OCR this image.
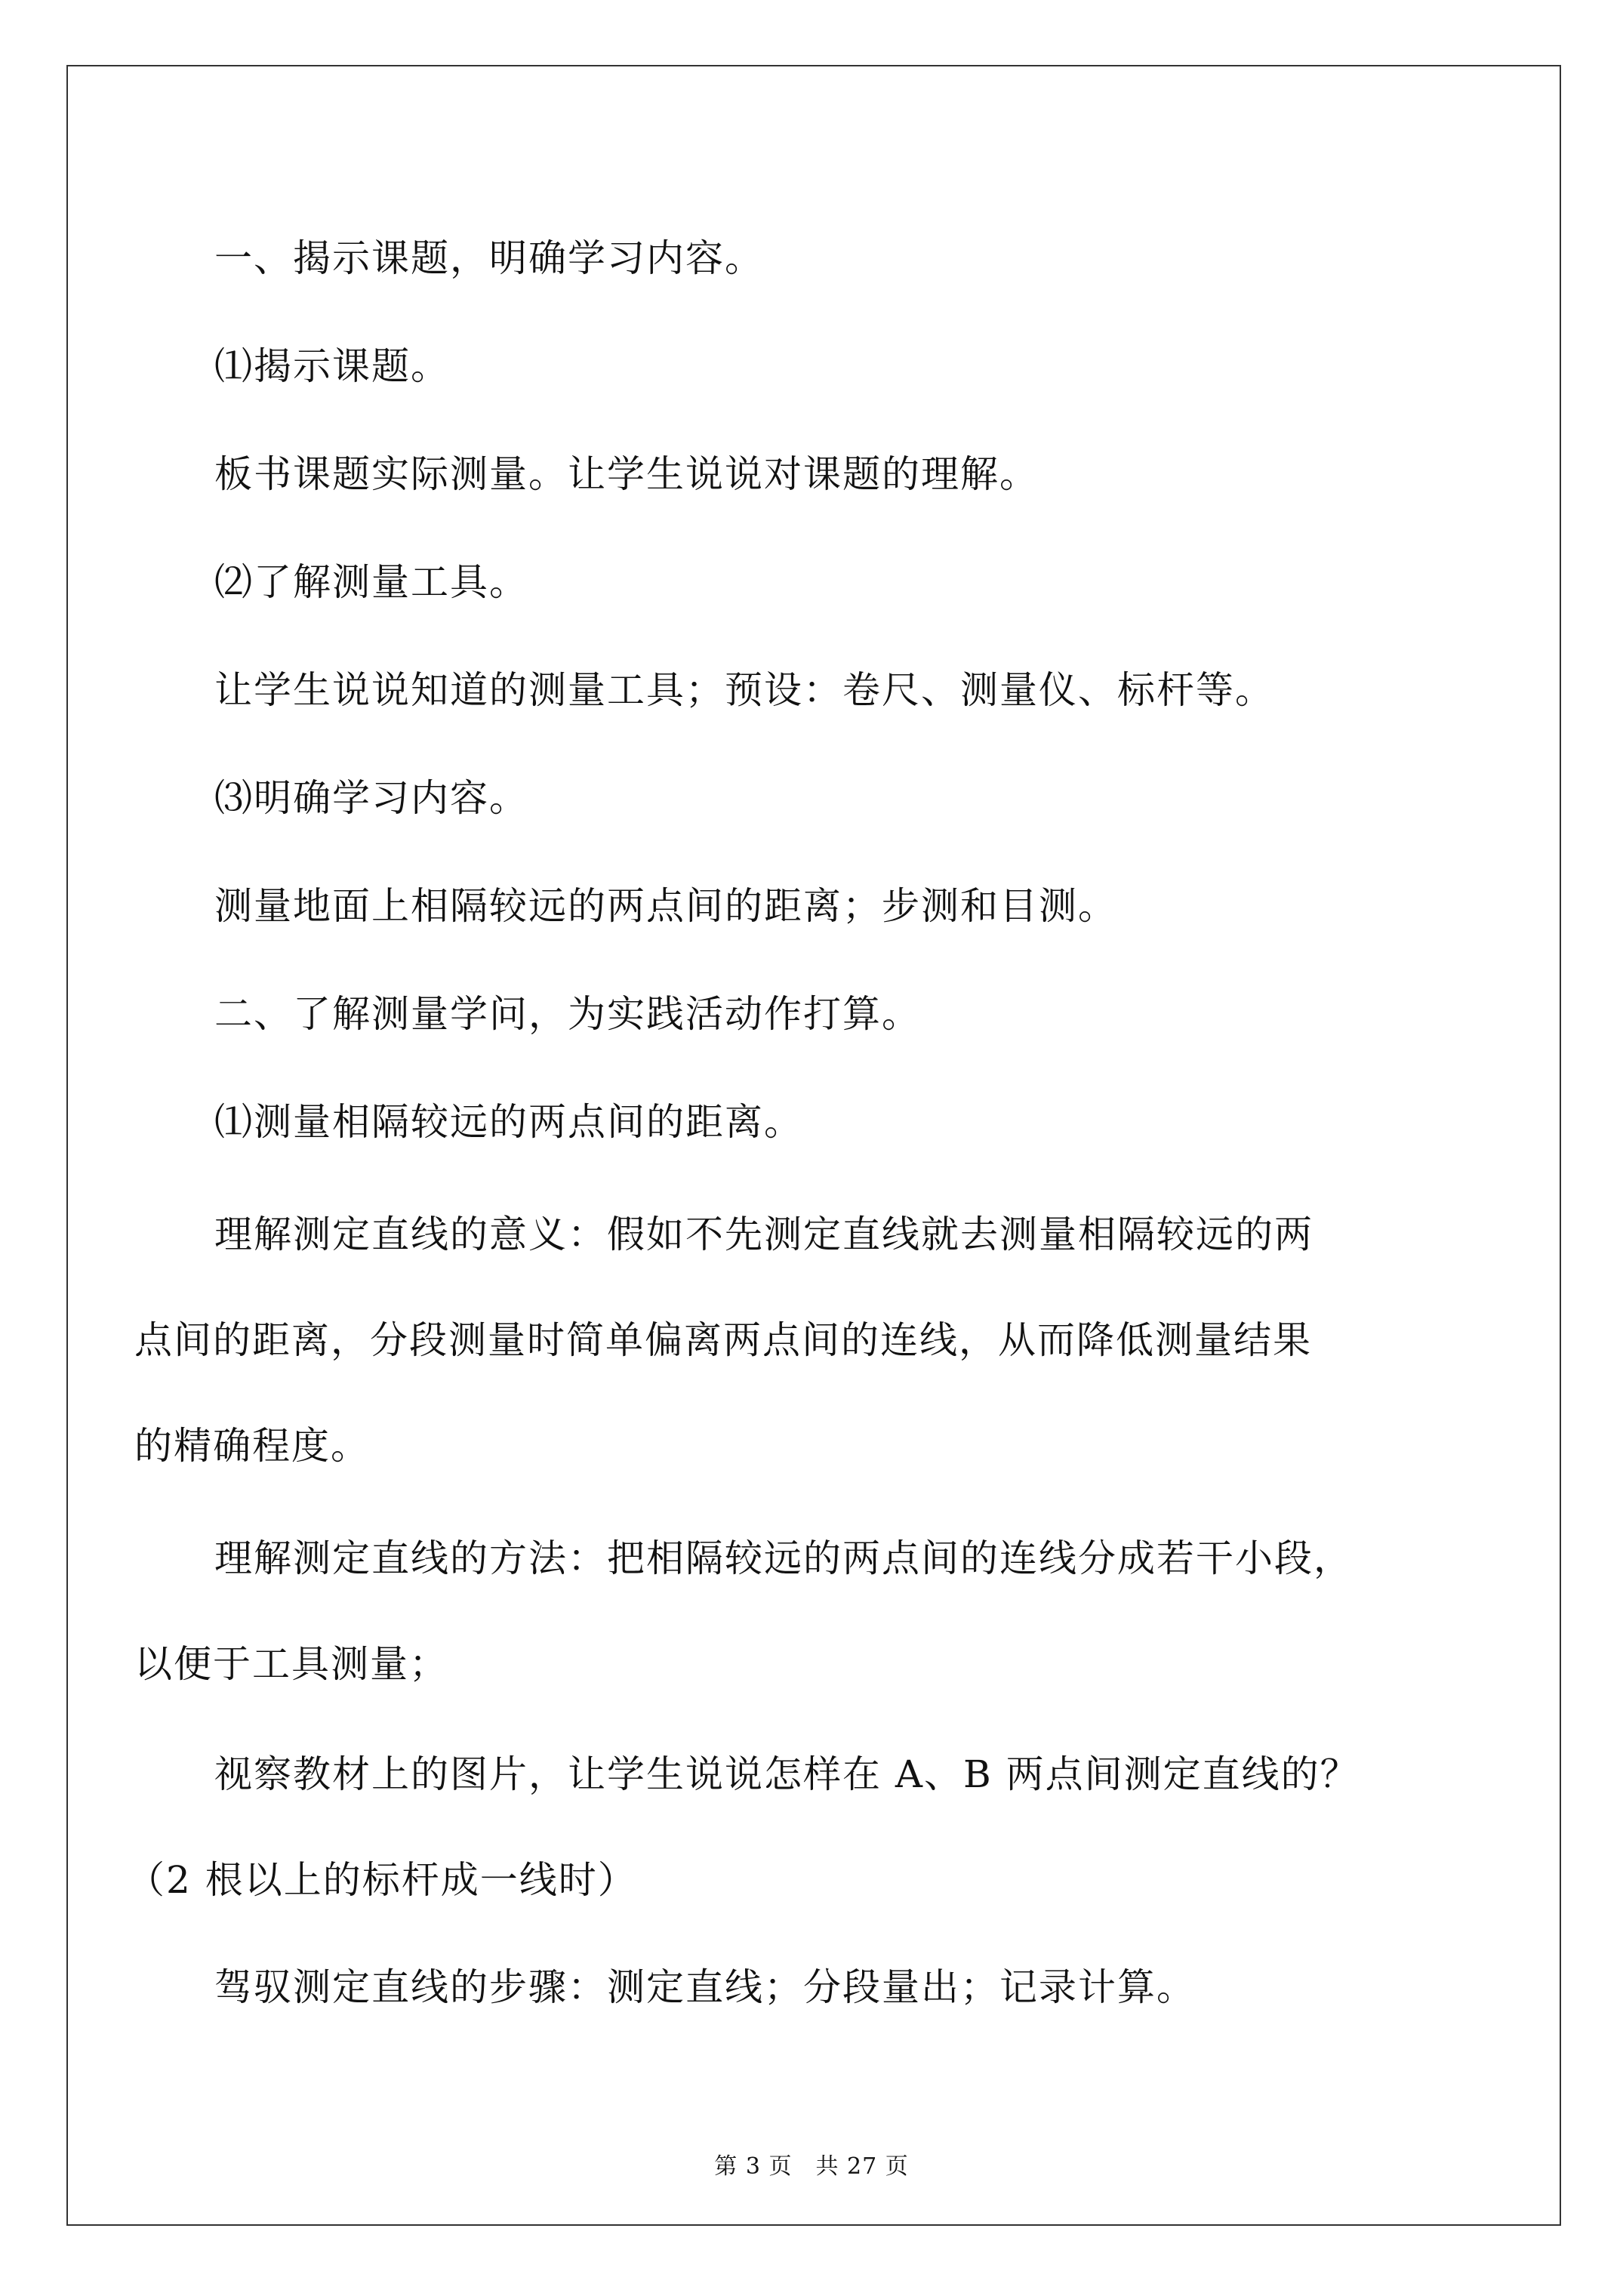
一、揭示课题，明确学习内容。
⑴揭示课题。
板书课题实际测量。让学生说说对课题的理解。
⑵了解测量工具。
让学生说说知道的测量工具；预设：卷尺、测量仪、标杆等。
⑶明确学习内容。
测量地面上相隔较远的两点间的距离；步测和目测。
二、了解测量学问，为实践活动作打算。
⑴测量相隔较远的两点间的距离。
理解测定直线的意义：假如不先测定直线就去测量相隔较远的两
点间的距离，分段测量时简单偏离两点间的连线，从而降低测量结果
的精确程度。
理解测定直线的方法：把相隔较远的两点间的连线分成若干小段，
以便于工具测量；
视察教材上的图片，让学生说说怎样在 A、B 两点间测定直线的？
（2 根以上的标杆成一线时）
驾驭测定直线的步骤：测定直线；分段量出；记录计算。
第 3 页　共 27 页
